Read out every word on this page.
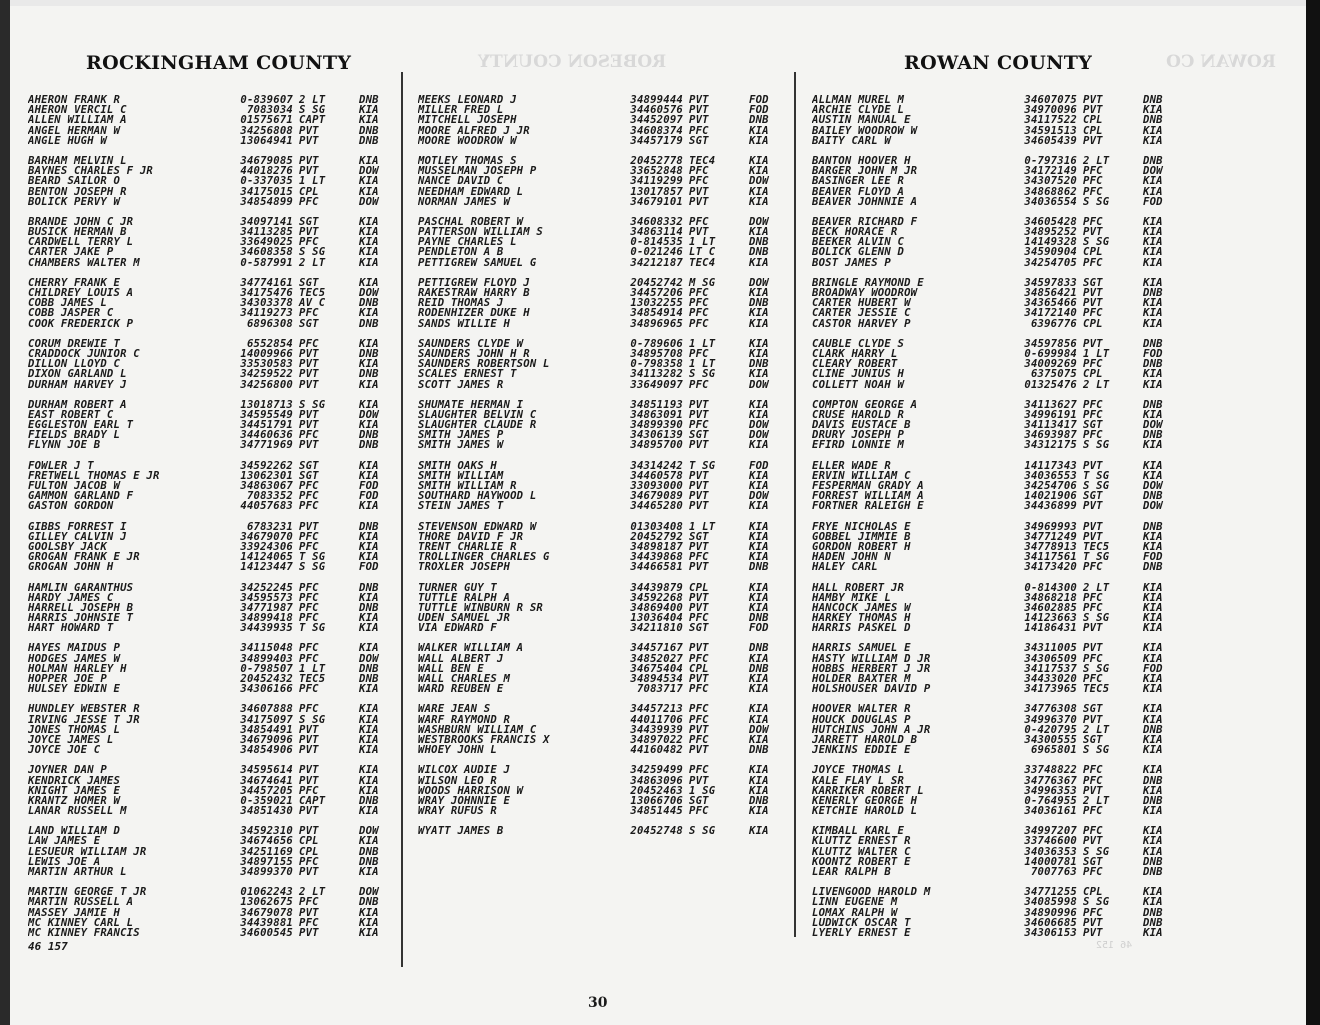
ROCKINGHAM COUNTY	ROBESON COUNTY	ROWAN COUNTY	ROWAN CO
AHERON FRANK R	0-839607 2 LT	DNB
AHERON VERCIL C	7083034 S SG	KIA
ALLEN WILLIAM A	01575671 CAPT	KIA
ANGEL HERMAN W	34256808 PVT	DNB
ANGLE HUGH W	13064941 PVT	DNB
BARHAM MELVIN L	34679085 PVT	KIA
BAYNES CHARLES F JR	44018276 PVT	DOW
BEARD SAILOR O	0-337035 1 LT	KIA
BENTON JOSEPH R	34175015 CPL	KIA
BOLICK PERVY W	34854899 PFC	DOW
BRANDE JOHN C JR	34097141 SGT	KIA
BUSICK HERMAN B	34113285 PVT	KIA
CARDWELL TERRY L	33649025 PFC	KIA
CARTER JAKE P	34608358 S SG	KIA
CHAMBERS WALTER M	0-587991 2 LT	KIA
CHERRY FRANK E	34774161 SGT	KIA
CHILDREY LOUIS A	34175476 TEC5	DOW
COBB JAMES L	34303378 AV C	DNB
COBB JASPER C	34119273 PFC	KIA
COOK FREDERICK P	6896308 SGT	DNB
CORUM DREWIE T	6552854 PFC	KIA
CRADDOCK JUNIOR C	14009966 PVT	DNB
DILLON LLOYD C	33530583 PVT	KIA
DIXON GARLAND L	34259522 PVT	DNB
DURHAM HARVEY J	34256800 PVT	KIA
DURHAM ROBERT A	13018713 S SG	KIA
EAST ROBERT C	34595549 PVT	DOW
EGGLESTON EARL T	34451791 PVT	KIA
FIELDS BRADY L	34460636 PFC	DNB
FLYNN JOE B	34771969 PVT	DNB
FOWLER J T	34592262 SGT	KIA
FRETWELL THOMAS E JR	13062301 SGT	KIA
FULTON JACOB W	34863067 PFC	FOD
GAMMON GARLAND F	7083352 PFC	FOD
GASTON GORDON	44057683 PFC	KIA
GIBBS FORREST I	6783231 PVT	DNB
GILLEY CALVIN J	34679070 PFC	KIA
GOOLSBY JACK	33924306 PFC	KIA
GROGAN FRANK E JR	14124065 T SG	KIA
GROGAN JOHN H	14123447 S SG	FOD
HAMLIN GARANTHUS	34252245 PFC	DNB
HARDY JAMES C	34595573 PFC	KIA
HARRELL JOSEPH B	34771987 PFC	DNB
HARRIS JOHNSIE T	34899418 PFC	KIA
HART HOWARD T	34439935 T SG	KIA
HAYES MAIDUS P	34115048 PFC	KIA
HODGES JAMES W	34899403 PFC	DOW
HOLMAN HARLEY H	0-798507 1 LT	DNB
HOPPER JOE P	20452432 TEC5	DNB
HULSEY EDWIN E	34306166 PFC	KIA
HUNDLEY WEBSTER R	34607888 PFC	KIA
IRVING JESSE T JR	34175097 S SG	KIA
JONES THOMAS L	34854491 PVT	KIA
JOYCE JAMES L	34679096 PVT	KIA
JOYCE JOE C	34854906 PVT	KIA
JOYNER DAN P	34595614 PVT	KIA
KENDRICK JAMES	34674641 PVT	KIA
KNIGHT JAMES E	34457205 PFC	KIA
KRANTZ HOMER W	0-359021 CAPT	DNB
LANAR RUSSELL M	34851430 PVT	KIA
LAND WILLIAM D	34592310 PVT	DOW
LAW JAMES E	34674656 CPL	KIA
LESUEUR WILLIAM JR	34251169 CPL	DNB
LEWIS JOE A	34897155 PFC	DNB
MARTIN ARTHUR L	34899370 PVT	KIA
MARTIN GEORGE T JR	01062243 2 LT	DOW
MARTIN RUSSELL A	13062675 PFC	DNB
MASSEY JAMIE H	34679078 PVT	KIA
MC KINNEY CARL L	34439881 PFC	KIA
MC KINNEY FRANCIS	34600545 PVT	KIA
MEEKS LEONARD J	34899444 PVT	FOD
MILLER FRED L	34460576 PVT	FOD
MITCHELL JOSEPH	34452097 PVT	DNB
MOORE ALFRED J JR	34608374 PFC	KIA
MOORE WOODROW W	34457179 SGT	KIA
MOTLEY THOMAS S	20452778 TEC4	KIA
MUSSELMAN JOSEPH P	33652848 PFC	KIA
NANCE DAVID C	34119299 PFC	DOW
NEEDHAM EDWARD L	13017857 PVT	KIA
NORMAN JAMES W	34679101 PVT	KIA
PASCHAL ROBERT W	34608332 PFC	DOW
PATTERSON WILLIAM S	34863114 PVT	KIA
PAYNE CHARLES L	0-814535 1 LT	DNB
PENDLETON A B	0-021246 LT C	DNB
PETTIGREW SAMUEL G	34212187 TEC4	KIA
PETTIGREW FLOYD J	20452742 M SG	DOW
RAKESTRAW HARRY B	34457206 PFC	KIA
REID THOMAS J	13032255 PFC	DNB
RODENHIZER DUKE H	34854914 PFC	KIA
SANDS WILLIE H	34896965 PFC	KIA
SAUNDERS CLYDE W	0-789606 1 LT	KIA
SAUNDERS JOHN H R	34895708 PFC	KIA
SAUNDERS ROBERTSON L	0-798358 1 LT	DNB
SCALES ERNEST T	34113282 S SG	KIA
SCOTT JAMES R	33649097 PFC	DOW
SHUMATE HERMAN I	34851193 PVT	KIA
SLAUGHTER BELVIN C	34863091 PVT	KIA
SLAUGHTER CLAUDE R	34899390 PFC	DOW
SMITH JAMES P	34306139 SGT	DOW
SMITH JAMES W	34895700 PVT	KIA
SMITH OAKS H	34314242 T SG	FOD
SMITH WILLIAM	34460578 PVT	KIA
SMITH WILLIAM R	33093000 PVT	KIA
SOUTHARD HAYWOOD L	34679089 PVT	DOW
STEIN JAMES T	34465280 PVT	KIA
STEVENSON EDWARD W	01303408 1 LT	KIA
THORE DAVID F JR	20452792 SGT	KIA
TRENT CHARLIE R	34898187 PVT	KIA
TROLLINGER CHARLES G	34439868 PFC	KIA
TROXLER JOSEPH	34466581 PVT	DNB
TURNER GUY T	34439879 CPL	KIA
TUTTLE RALPH A	34592268 PVT	KIA
TUTTLE WINBURN R SR	34869400 PVT	KIA
UDEN SAMUEL JR	13036404 PFC	DNB
VIA EDWARD F	34211810 SGT	FOD
WALKER WILLIAM A	34457167 PVT	DNB
WALL ALBERT J	34852027 PFC	KIA
WALL BEN E	34675404 CPL	DNB
WALL CHARLES M	34894534 PVT	KIA
WARD REUBEN E	7083717 PFC	KIA
WARE JEAN S	34457213 PFC	KIA
WARF RAYMOND R	44011706 PFC	KIA
WASHBURN WILLIAM C	34439939 PVT	DOW
WESTBROOKS FRANCIS X	34897022 PFC	KIA
WHOEY JOHN L	44160482 PVT	DNB
WILCOX AUDIE J	34259499 PFC	KIA
WILSON LEO R	34863096 PVT	KIA
WOODS HARRISON W	20452463 1 SG	KIA
WRAY JOHNNIE E	13066706 SGT	DNB
WRAY RUFUS R	34851445 PFC	KIA
WYATT JAMES B	20452748 S SG	KIA
ALLMAN MUREL M	34607075 PVT	DNB
ARCHIE CLYDE L	34970096 PVT	KIA
AUSTIN MANUAL E	34117522 CPL	DNB
BAILEY WOODROW W	34591513 CPL	KIA
BAITY CARL W	34605439 PVT	KIA
BANTON HOOVER H	0-797316 2 LT	DNB
BARGER JOHN M JR	34172149 PFC	DOW
BASINGER LEE R	34307520 PFC	KIA
BEAVER FLOYD A	34868862 PFC	KIA
BEAVER JOHNNIE A	34036554 S SG	FOD
BEAVER RICHARD F	34605428 PFC	KIA
BECK HORACE R	34895252 PVT	KIA
BEEKER ALVIN C	14149328 S SG	KIA
BOLICK GLENN D	34590904 CPL	KIA
BOST JAMES P	34254705 PFC	KIA
BRINGLE RAYMOND E	34597833 SGT	KIA
BROADWAY WOODROW	34856421 PVT	DNB
CARTER HUBERT W	34365466 PVT	KIA
CARTER JESSIE C	34172140 PFC	KIA
CASTOR HARVEY P	6396776 CPL	KIA
CAUBLE CLYDE S	34597856 PVT	DNB
CLARK HARRY L	0-699984 1 LT	FOD
CLEARY ROBERT	34009269 PFC	DNB
CLINE JUNIUS H	6375075 CPL	KIA
COLLETT NOAH W	01325476 2 LT	KIA
COMPTON GEORGE A	34113627 PFC	DNB
CRUSE HAROLD R	34996191 PFC	KIA
DAVIS EUSTACE B	34113417 SGT	DOW
DRURY JOSEPH P	34693987 PFC	DNB
EFIRD LONNIE M	34312175 S SG	KIA
ELLER WADE R	14117343 PVT	KIA
ERVIN WILLIAM C	34036553 T SG	KIA
FESPERMAN GRADY A	34254706 S SG	DOW
FORREST WILLIAM A	14021906 SGT	DNB
FORTNER RALEIGH E	34436899 PVT	DOW
FRYE NICHOLAS E	34969993 PVT	DNB
GOBBEL JIMMIE B	34771249 PVT	KIA
GORDON ROBERT H	34778913 TEC5	KIA
HADEN JOHN N	34117561 T SG	FOD
HALEY CARL	34173420 PFC	DNB
HALL ROBERT JR	0-814300 2 LT	KIA
HAMBY MIKE L	34868218 PFC	KIA
HANCOCK JAMES W	34602885 PFC	KIA
HARKEY THOMAS H	14123663 S SG	KIA
HARRIS PASKEL D	14186431 PVT	KIA
HARRIS SAMUEL E	34311005 PVT	KIA
HASTY WILLIAM D JR	34306509 PFC	KIA
HOBBS HERBERT J JR	34117537 S SG	FOD
HOLDER BAXTER M	34433020 PFC	KIA
HOLSHOUSER DAVID P	34173965 TEC5	KIA
HOOVER WALTER R	34776308 SGT	KIA
HOUCK DOUGLAS P	34996370 PVT	KIA
HUTCHINS JOHN A JR	0-420795 2 LT	DNB
JARRETT HAROLD B	34300555 SGT	KIA
JENKINS EDDIE E	6965801 S SG	KIA
JOYCE THOMAS L	33748822 PFC	KIA
KALE FLAY L SR	34776367 PFC	DNB
KARRIKER ROBERT L	34996353 PVT	KIA
KENERLY GEORGE H	0-764955 2 LT	DNB
KETCHIE HAROLD L	34036161 PFC	KIA
KIMBALL KARL E	34997207 PFC	KIA
KLUTTZ ERNEST R	33746600 PVT	KIA
KLUTTZ WALTER C	34036353 S SG	KIA
KOONTZ ROBERT E	14000781 SGT	DNB
LEAR RALPH B	7007763 PFC	DNB
LIVENGOOD HAROLD M	34771255 CPL	KIA
LINN EUGENE M	34085998 S SG	KIA
LOMAX RALPH W	34890996 PFC	DNB
LUDWICK OSCAR T	34606685 PVT	DNB
LYERLY ERNEST E	34306153 PVT	KIA
46 157	46 152
30
